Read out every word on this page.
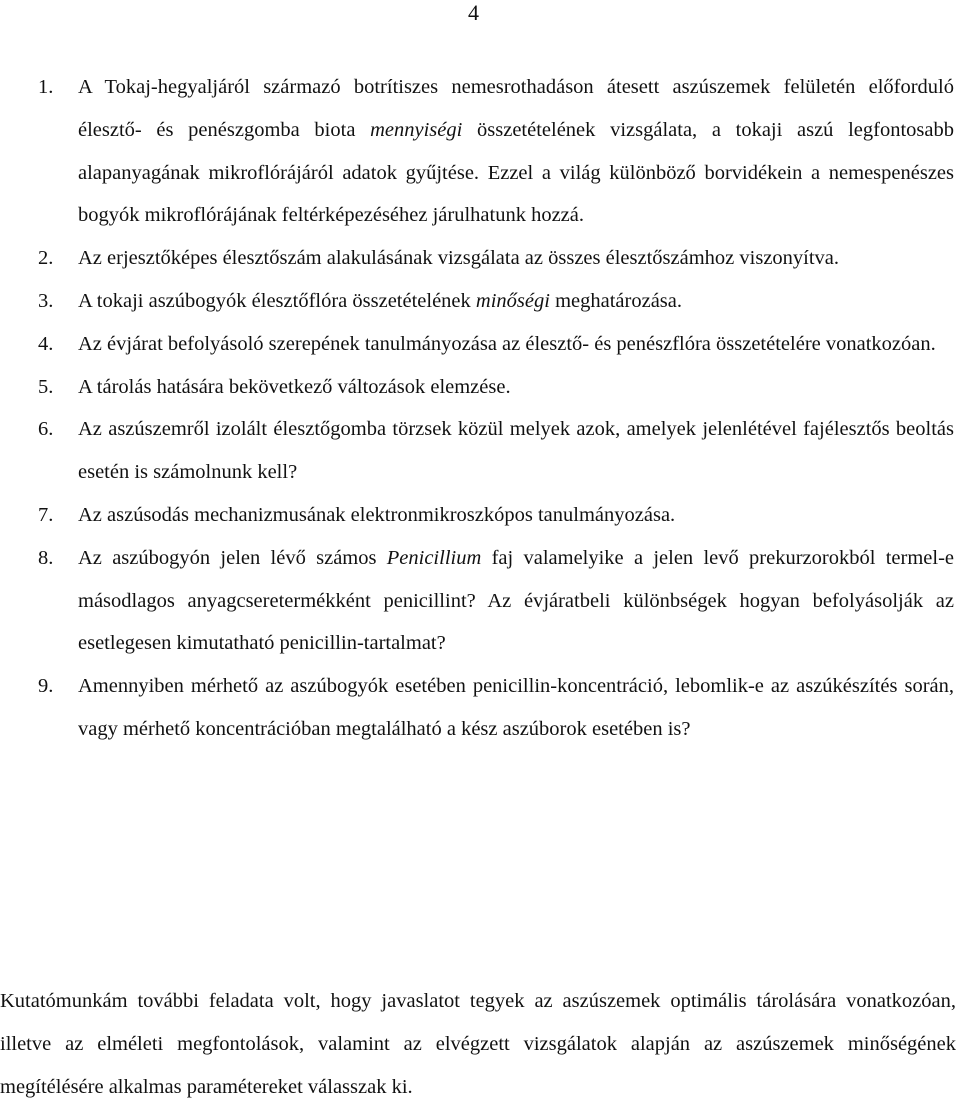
4
1. A Tokaj-hegyaljáról származó botrítiszes nemesrothadáson átesett aszúszemek felületén előforduló élesztő- és penészgomba biota mennyiségi összetételének vizsgálata, a tokaji aszú legfontosabb alapanyagának mikroflórájáról adatok gyűjtése. Ezzel a világ különböző borvidékein a nemespenészes bogyók mikroflórájának feltérképezéséhez járulhatunk hozzá.
2. Az erjesztőképes élesztőszám alakulásának vizsgálata az összes élesztőszámhoz viszonyítva.
3. A tokaji aszúbogyók élesztőflóra összetételének minőségi meghatározása.
4. Az évjárat befolyásoló szerepének tanulmányozása az élesztő- és penészflóra összetételére vonatkozóan.
5. A tárolás hatására bekövetkező változások elemzése.
6. Az aszúszemről izolált élesztőgomba törzsek közül melyek azok, amelyek jelenlétével fajélesztős beoltás esetén is számolnunk kell?
7. Az aszúsodás mechanizmusának elektronmikroszkópos tanulmányozása.
8. Az aszúbogyón jelen lévő számos Penicillium faj valamelyike a jelen levő prekurzorokból termel-e másodlagos anyagcseretermékként penicillint? Az évjáratbeli különbségek hogyan befolyásolják az esetlegesen kimutatható penicillin-tartalmat?
9. Amennyiben mérhető az aszúbogyók esetében penicillin-koncentráció, lebomlik-e az aszúkészítés során, vagy mérhető koncentrációban megtalálható a kész aszúborok esetében is?

Kutatómunkám további feladata volt, hogy javaslatot tegyek az aszúszemek optimális tárolására vonatkozóan, illetve az elméleti megfontolások, valamint az elvégzett vizsgálatok alapján az aszúszemek minőségének megítélésére alkalmas paramétereket válasszak ki.
